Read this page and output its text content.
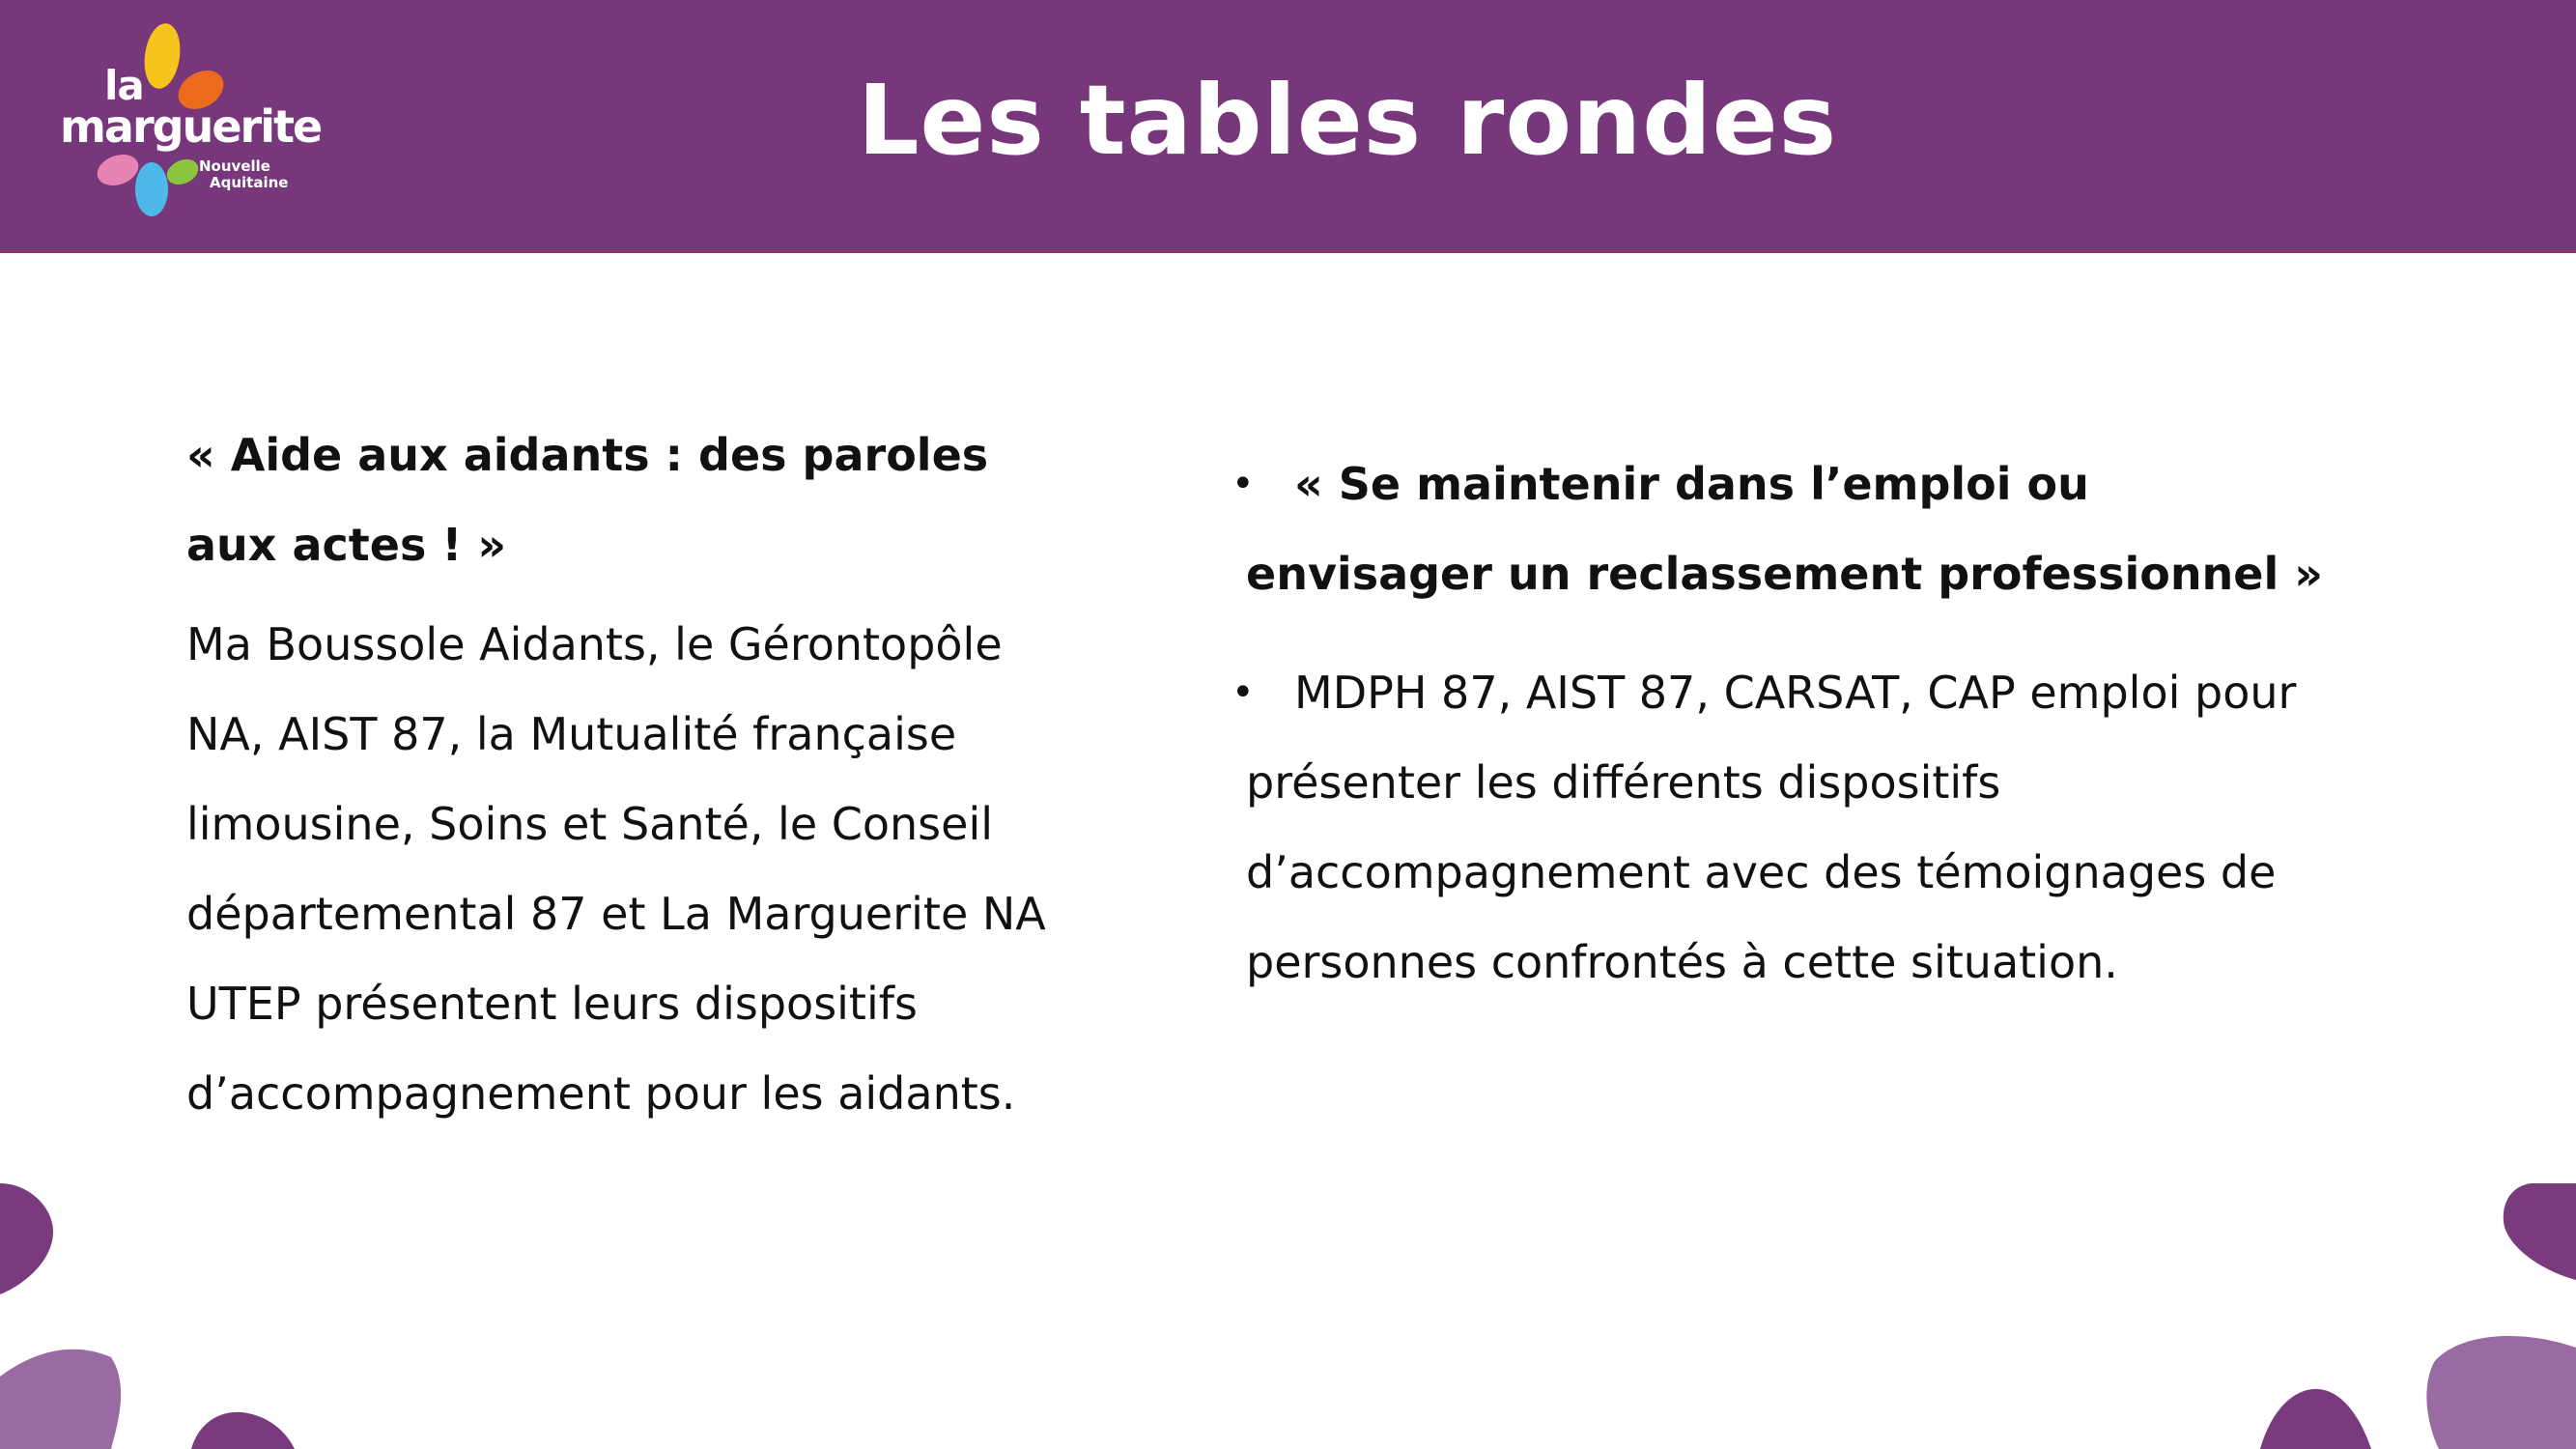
la
marguerite
Nouvelle
Aquitaine
Les tables rondes

« Aide aux aidants : des paroles aux actes ! »

Ma Boussole Aidants, le Gérontopôle NA, AIST 87, la Mutualité française limousine, Soins et Santé, le Conseil départemental 87 et La Marguerite NA UTEP présentent leurs dispositifs d’accompagnement pour les aidants.

• « Se maintenir dans l’emploi ou envisager un reclassement professionnel »
• MDPH 87, AIST 87, CARSAT, CAP emploi pour présenter les différents dispositifs d’accompagnement avec des témoignages de personnes confrontés à cette situation.
